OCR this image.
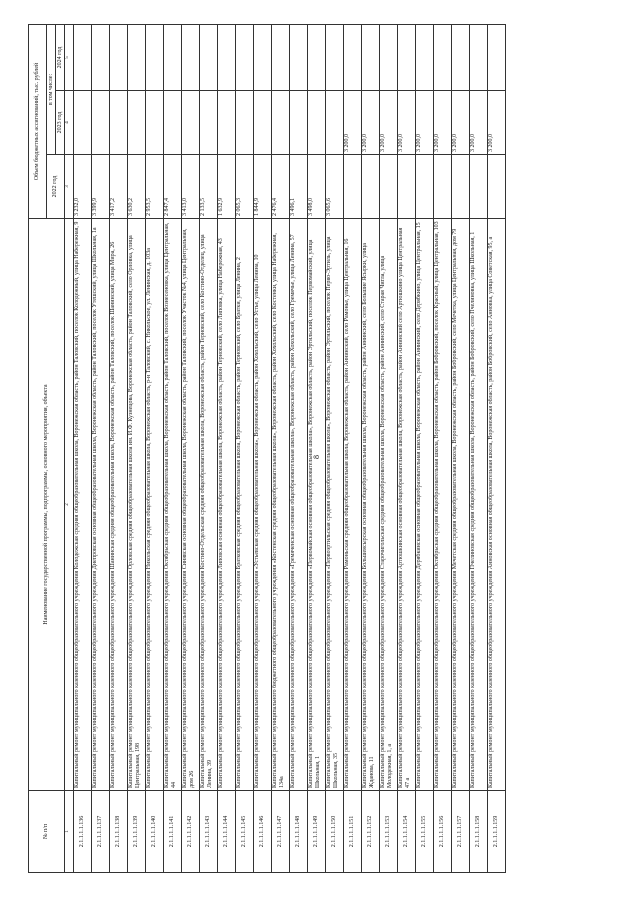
8
№ п/п	Наименование государственной программы, подпрограммы, основного мероприятия, объекта	Объем бюджетных ассигнований, тыс. рублей		
		2022 год	в том числе:	
			2023 год	2024 год
1	2	3	4	5
2.1.1.1.1.136	Капитальный ремонт муниципального казенного общеобразовательного учреждения Колодежская средняя общеобразовательная школа, Воронежская область, район Таловский, поселок Колодежный, улица Набережная, 9	3 232,0		
2.1.1.1.1.137	Капитальный ремонт муниципального казенного общеобразовательного учреждения Днепровская основная общеобразовательная школа, Воронежская область, район Таловский, поселок Утешский, улица Школьная, 1а	3 399,9		
2.1.1.1.1.138	Капитальный ремонт муниципального казенного общеобразовательного учреждения Шанинская средняя общеобразовательная школа, Воронежская область, район Таловский, поселок Шанинский, улица Мира, 26	3 417,2		
2.1.1.1.1.139	Капитальный ремонт муниципального казенного общеобразовательного учреждения Орловская средняя общеобразовательная школа им. И.Ф. Кузнецова, Воронежская область, район Таловский, село Орловка, улица Центральная, 198	3 630,2		
2.1.1.1.1.140	Капитальный ремонт муниципального казенного общеобразовательного учреждения Никольская средняя общеобразовательная школа, Воронежская область, р-н Таловский, с. Никольское, ул. Ленинская, д. 103а	2 953,5		
2.1.1.1.1.141	Капитальный ремонт муниципального казенного общеобразовательного учреждения Октябрьская средняя общеобразовательная школа, Воронежская область, район Таловский, поселок Вознесеновка, улица Центральная, 44	2 847,4		
2.1.1.1.1.142	Капитальный ремонт муниципального казенного общеобразовательного учреждения Синявская основная общеобразовательная школа, Воронежская область, район Таловский, поселок Участок №4, улица Центральная, дом 26	3 413,0		
2.1.1.1.1.143	Капитальный ремонт муниципального казенного общеобразовательного учреждения Костино-Отдельская средняя общеобразовательная школа, Воронежская область, район Терновский, село Костино-Отделец, улица Ленина, 39	2 133,5		
2.1.1.1.1.144	Капитальный ремонт муниципального казенного общеобразовательного учреждения Липовская основная общеобразовательная школа, Воронежская область, район Терновский, село Липовка, улица Набережная, 43	1 632,9		
2.1.1.1.1.145	Капитальный ремонт муниципального казенного общеобразовательного учреждения Братковская средняя общеобразовательная школа, Воронежская область, район Терновский, село Братки, улица Ленина, 2	2 065,3		
2.1.1.1.1.146	Капитальный ремонт муниципального казенного общеобразовательного учреждения «Устьевская средняя общеобразовательная школа», Воронежская область, район Хохольский, село Устье, улица Ленина, 10	1 844,9		
2.1.1.1.1.147	Капитальный ремонт муниципального бюджетного общеобразовательного учреждения «Костенская средняя общеобразовательная школа», Воронежская область, район Хохольский, село Костенки, улица Набережная, 134а	2 476,4		
2.1.1.1.1.148	Капитальный ремонт муниципального казенного общеобразовательного учреждения «Гремяченская основная общеобразовательная школа», Воронежская область, район Хохольский, село Гремячье, улица Ленина, 57	3 496,1		
2.1.1.1.1.149	Капитальный ремонт муниципального казенного общеобразовательного учреждения «Первомайская основная общеобразовательная школа», Воронежская область, район Эртильский, поселок Первомайский, улица Школьная, 1	3 498,0		
2.1.1.1.1.150	Капитальный ремонт муниципального казенного общеобразовательного учреждения «Первоэртильская средняя общеобразовательная школа», Воронежская область, район Эртильский, поселок Перво-Эртиль, улица Школьная, 35	3 065,6		
2.1.1.1.1.151	Капитальный ремонт муниципального казенного общеобразовательного учреждения Рамоньская средняя общеобразовательная школа, Воронежская область, район Аннинский, село Рамонье, улица Центральная, 16		3 200,0	
2.1.1.1.1.152	Капитальный ремонт муниципального казенного общеобразовательного учреждения Большеясырская основная общеобразовательная школа, Воронежская область, район Аннинский, село Большие Ясырки, улица Жданова, 11		3 200,0	
2.1.1.1.1.153	Капитальный ремонт муниципального казенного общеобразовательного учреждения Старочигольская средняя общеобразовательная школа, Воронежская область, район Аннинский, село Старая Чигла, улица Молодежная, 1, а		3 200,0	
2.1.1.1.1.154	Капитальный ремонт муниципального казенного общеобразовательного учреждения Артюшкинская основная общеобразовательная школа, Воронежская область, район Аннинский село Артюшкино улица Центральная 47 а		3 200,0	
2.1.1.1.1.155	Капитальный ремонт муниципального казенного общеобразовательного учреждения Дерябкинская основная общеобразовательная школа, Воронежская область, район Аннинский, село Дерябкино, улица Центральная, 15		3 200,0	
2.1.1.1.1.156	Капитальный ремонт муниципального казенного общеобразовательного учреждения Октябрьская средняя общеобразовательная школа, Воронежская область, район Бобровский, поселок Красный, улица Центральная, 103		3 200,0	
2.1.1.1.1.157	Капитальный ремонт муниципального казенного общеобразовательного учреждения Мечетская средняя общеобразовательная школа, Воронежская область, район Бобровский, село Мечетка, улица Центральная, дом 79		3 200,0	
2.1.1.1.1.158	Капитальный ремонт муниципального казенного общеобразовательного учреждения Пчелиновская средняя общеобразовательная школа, Воронежская область, район Бобровский, село Пчелиновка, улица Школьная, 1		3 200,0	
2.1.1.1.1.159	Капитальный ремонт муниципального казенного общеобразовательного учреждения Анновская основная общеобразовательная школа, Воронежская область, район Бобровский, село Анновка, улица Советская, 95, а		3 200,0	
